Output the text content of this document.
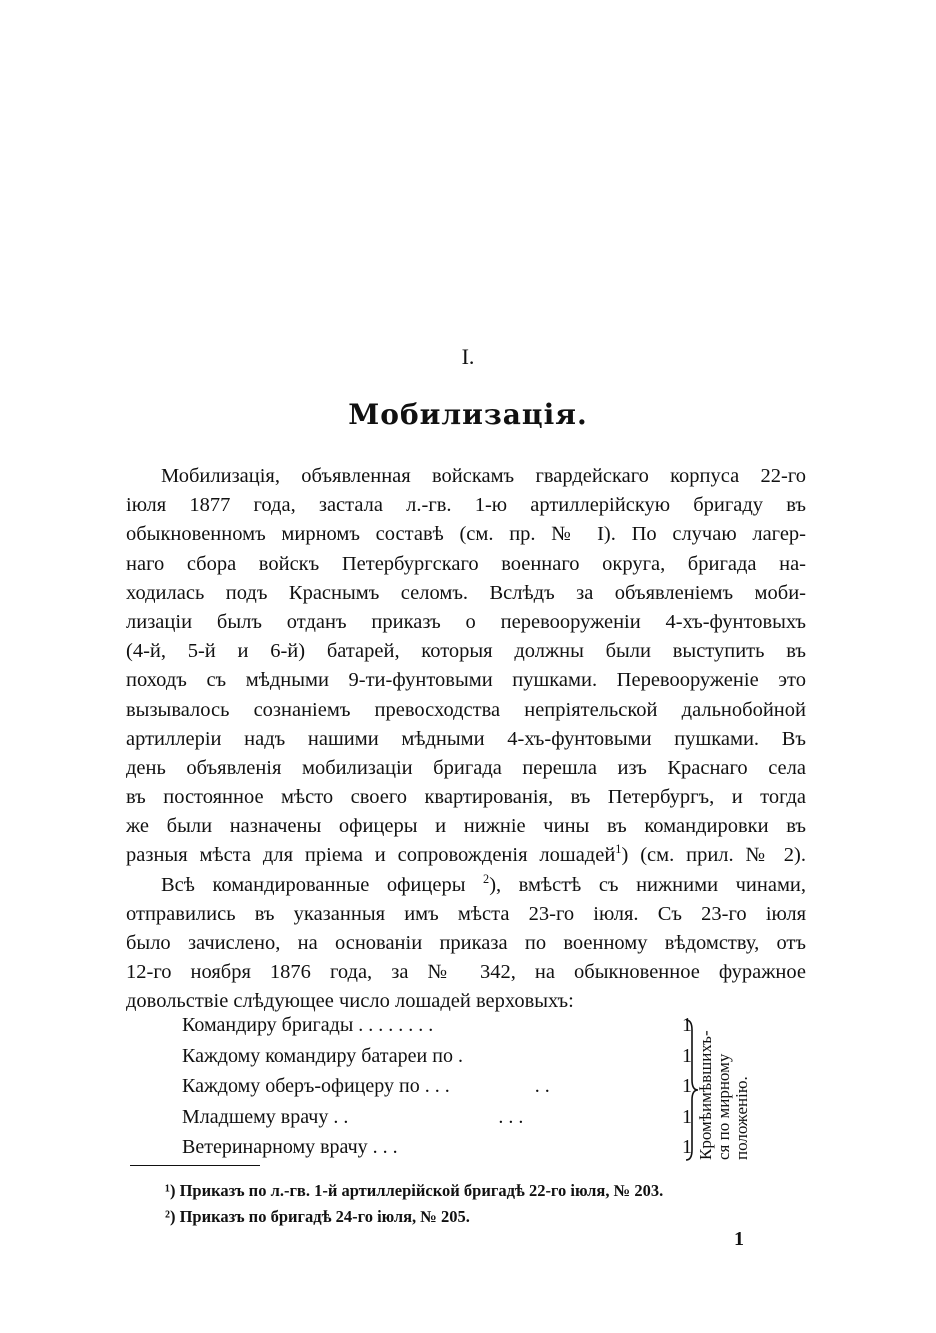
I.
Мобилизація.
Мобилизація, объявленная войскамъ гвардейскаго корпуса 22-го
іюля 1877 года, застала л.-гв. 1-ю артиллерійскую бригаду въ
обыкновенномъ мирномъ составѣ (см. пр. № I). По случаю лагер-
наго сбора войскъ Петербургскаго военнаго округа, бригада на-
ходилась подъ Краснымъ селомъ. Вслѣдъ за объявленіемъ моби-
лизаціи былъ отданъ приказъ о перевооруженіи 4-хъ-фунтовыхъ
(4-й, 5-й и 6-й) батарей, которыя должны были выступить въ
походъ съ мѣдными 9-ти-фунтовыми пушками. Перевооруженіе это
вызывалось сознаніемъ превосходства непріятельской дальнобойной
артиллеріи надъ нашими мѣдными 4-хъ-фунтовыми пушками. Въ
день объявленія мобилизаціи бригада перешла изъ Краснаго села
въ постоянное мѣсто своего квартированія, въ Петербургъ, и тогда
же были назначены офицеры и нижніе чины въ командировки въ
разныя мѣста для пріема и сопровожденія лошадей$^1$) (см. прил. № 2).
Всѣ командированные офицеры $^2$), вмѣстѣ съ нижними чинами,
отправились въ указанныя имъ мѣста 23-го іюля. Съ 23-го іюля
было зачислено, на основаніи приказа по военному вѣдомству, отъ
12-го ноября 1876 года, за № 342, на обыкновенное фуражное
довольствіе слѣдующее число лошадей верховыхъ:
Командиру бригады . . . . . . . .	1
Каждому командиру батареи по .	1
Каждому оберъ-офицеру по . . .                 . .	1
Младшему врачу . .                              . . .	1
Ветеринарному врачу . . .	1 Кромѣимѣвшихъ- ся по мирному положенію.
¹) Приказъ по л.-гв. 1-й артиллерійской бригадѣ 22-го іюля, № 203.
²) Приказъ по бригадѣ 24-го іюля, № 205.
1
